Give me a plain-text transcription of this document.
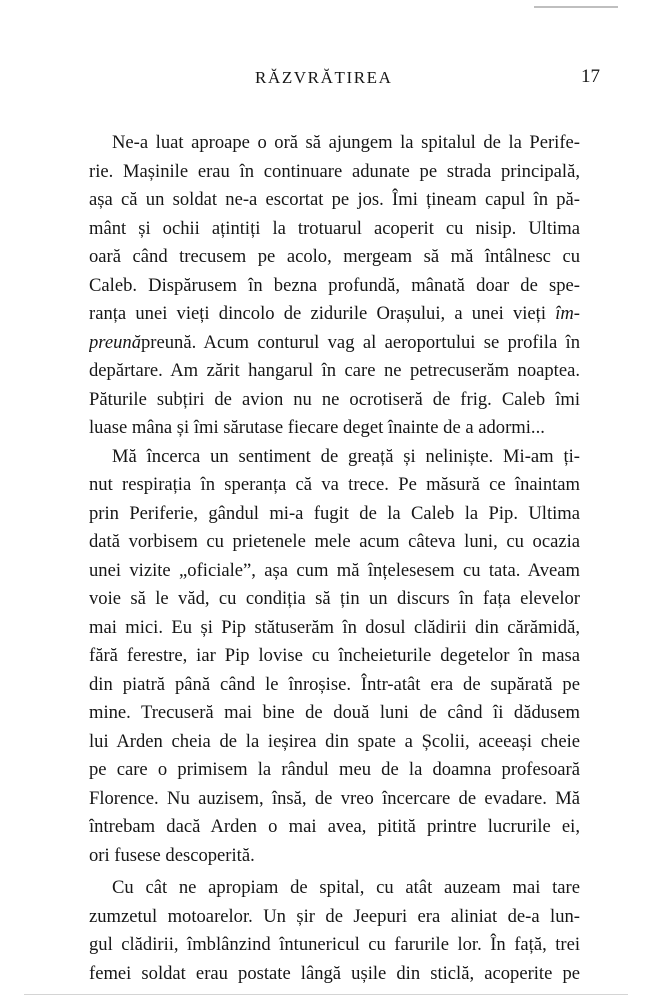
RĂZVRĂTIREA	17
Ne-a luat aproape o oră să ajungem la spitalul de la Perife-
rie. Mașinile erau în continuare adunate pe strada principală,
așa că un soldat ne-a escortat pe jos. Îmi țineam capul în pă-
mânt și ochii ațintiți la trotuarul acoperit cu nisip. Ultima
oară când trecusem pe acolo, mergeam să mă întâlnesc cu
Caleb. Dispărusem în bezna profundă, mânată doar de spe-
ranța unei vieți dincolo de zidurile Orașului, a unei vieți îm-
preunăpreună. Acum conturul vag al aeroportului se profila în
depărtare. Am zărit hangarul în care ne petrecuserăm noaptea.
Păturile subțiri de avion nu ne ocrotiseră de frig. Caleb îmi
luase mâna și îmi sărutase fiecare deget înainte de a adormi...
Mă încerca un sentiment de greață și neliniște. Mi-am ți-
nut respirația în speranța că va trece. Pe măsură ce înaintam
prin Periferie, gândul mi-a fugit de la Caleb la Pip. Ultima
dată vorbisem cu prietenele mele acum câteva luni, cu ocazia
unei vizite „oficiale”, așa cum mă înțelesesem cu tata. Aveam
voie să le văd, cu condiția să țin un discurs în fața elevelor
mai mici. Eu și Pip stătuserăm în dosul clădirii din cărămidă,
fără ferestre, iar Pip lovise cu încheieturile degetelor în masa
din piatră până când le înroșise. Într-atât era de supărată pe
mine. Trecuseră mai bine de două luni de când îi dădusem
lui Arden cheia de la ieșirea din spate a Școlii, aceeași cheie
pe care o primisem la rândul meu de la doamna profesoară
Florence. Nu auzisem, însă, de vreo încercare de evadare. Mă
întrebam dacă Arden o mai avea, pitită printre lucrurile ei,
ori fusese descoperită.
Cu cât ne apropiam de spital, cu atât auzeam mai tare
zumzetul motoarelor. Un șir de Jeepuri era aliniat de-a lun-
gul clădirii, îmblânzind întunericul cu farurile lor. În față, trei
femei soldat erau postate lângă ușile din sticlă, acoperite pe
